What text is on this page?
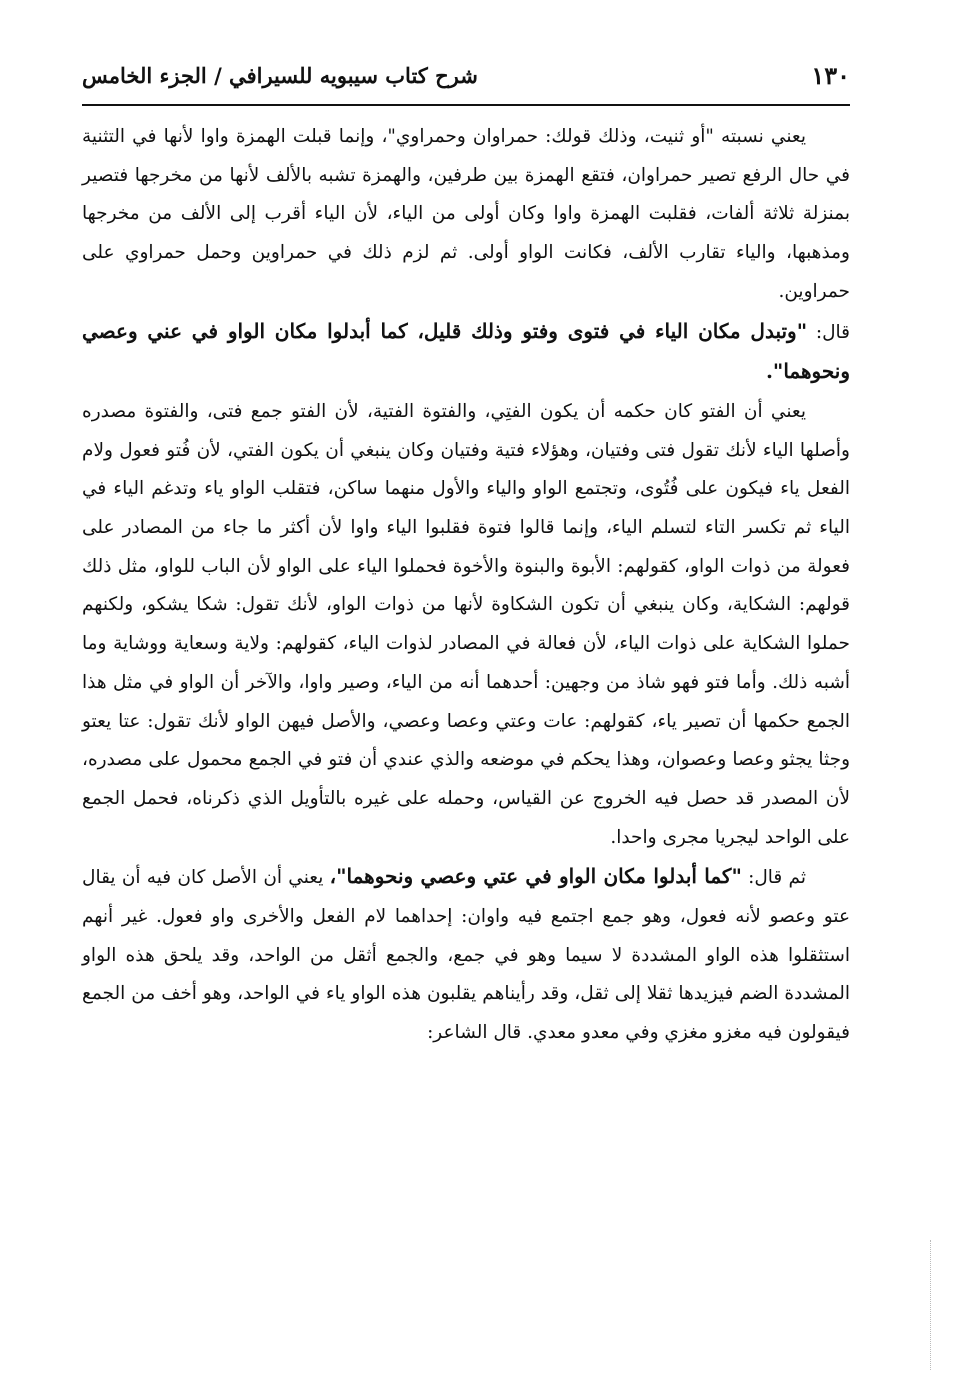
١٣٠
شرح كتاب سيبويه للسيرافي / الجزء الخامس

يعني نسبته "أو ثنيت، وذلك قولك: حمراوان وحمراوي"، وإنما قبلت الهمزة واوا لأنها في التثنية في حال الرفع تصير حمراوان، فتقع الهمزة بين طرفين، والهمزة تشبه بالألف لأنها من مخرجها فتصير بمنزلة ثلاثة ألفات، فقلبت الهمزة واوا وكان أولى من الياء، لأن الياء أقرب إلى الألف من مخرجها ومذهبها، والياء تقارب الألف، فكانت الواو أولى. ثم لزم ذلك في حمراوين وحمل حمراوي على حمراوين.

قال: "وتبدل مكان الياء في فتوى وفتو وذلك قليل، كما أبدلوا مكان الواو في عني وعصي ونحوهما".

يعني أن الفتو كان حكمه أن يكون الفتِي، والفتوة الفتية، لأن الفتو جمع فتى، والفتوة مصدره وأصلها الياء لأنك تقول فتى وفتيان، وهؤلاء فتية وفتيان وكان ينبغي أن يكون الفتي، لأن فُتو فعول ولام الفعل ياء فيكون على فُتُوى، وتجتمع الواو والياء والأول منهما ساكن، فتقلب الواو ياء وتدغم الياء في الياء ثم تكسر التاء لتسلم الياء، وإنما قالوا فتوة فقلبوا الياء واوا لأن أكثر ما جاء من المصادر على فعولة من ذوات الواو، كقولهم: الأبوة والبنوة والأخوة فحملوا الياء على الواو لأن الباب للواو، مثل ذلك قولهم: الشكاية، وكان ينبغي أن تكون الشكاوة لأنها من ذوات الواو، لأنك تقول: شكا يشكو، ولكنهم حملوا الشكاية على ذوات الياء، لأن فعالة في المصادر لذوات الياء، كقولهم: ولاية وسعاية ووشاية وما أشبه ذلك. وأما فتو فهو شاذ من وجهين: أحدهما أنه من الياء، وصير واوا، والآخر أن الواو في مثل هذا الجمع حكمها أن تصير ياء، كقولهم: عات وعتي وعصا وعصي، والأصل فيهن الواو لأنك تقول: عتا يعتو وجثا يجثو وعصا وعصوان، وهذا يحكم في موضعه والذي عندي أن فتو في الجمع محمول على مصدره، لأن المصدر قد حصل فيه الخروج عن القياس، وحمله على غيره بالتأويل الذي ذكرناه، فحمل الجمع على الواحد ليجريا مجرى واحدا.

ثم قال: "كما أبدلوا مكان الواو في عتي وعصي ونحوهما"، يعني أن الأصل كان فيه أن يقال عتو وعصو لأنه فعول، وهو جمع اجتمع فيه واوان: إحداهما لام الفعل والأخرى واو فعول. غير أنهم استثقلوا هذه الواو المشددة لا سيما وهو في جمع، والجمع أثقل من الواحد، وقد يلحق هذه الواو المشددة الضم فيزيدها ثقلا إلى ثقل، وقد رأيناهم يقلبون هذه الواو ياء في الواحد، وهو أخف من الجمع فيقولون فيه مغزو مغزي وفي معدو معدي. قال الشاعر:
